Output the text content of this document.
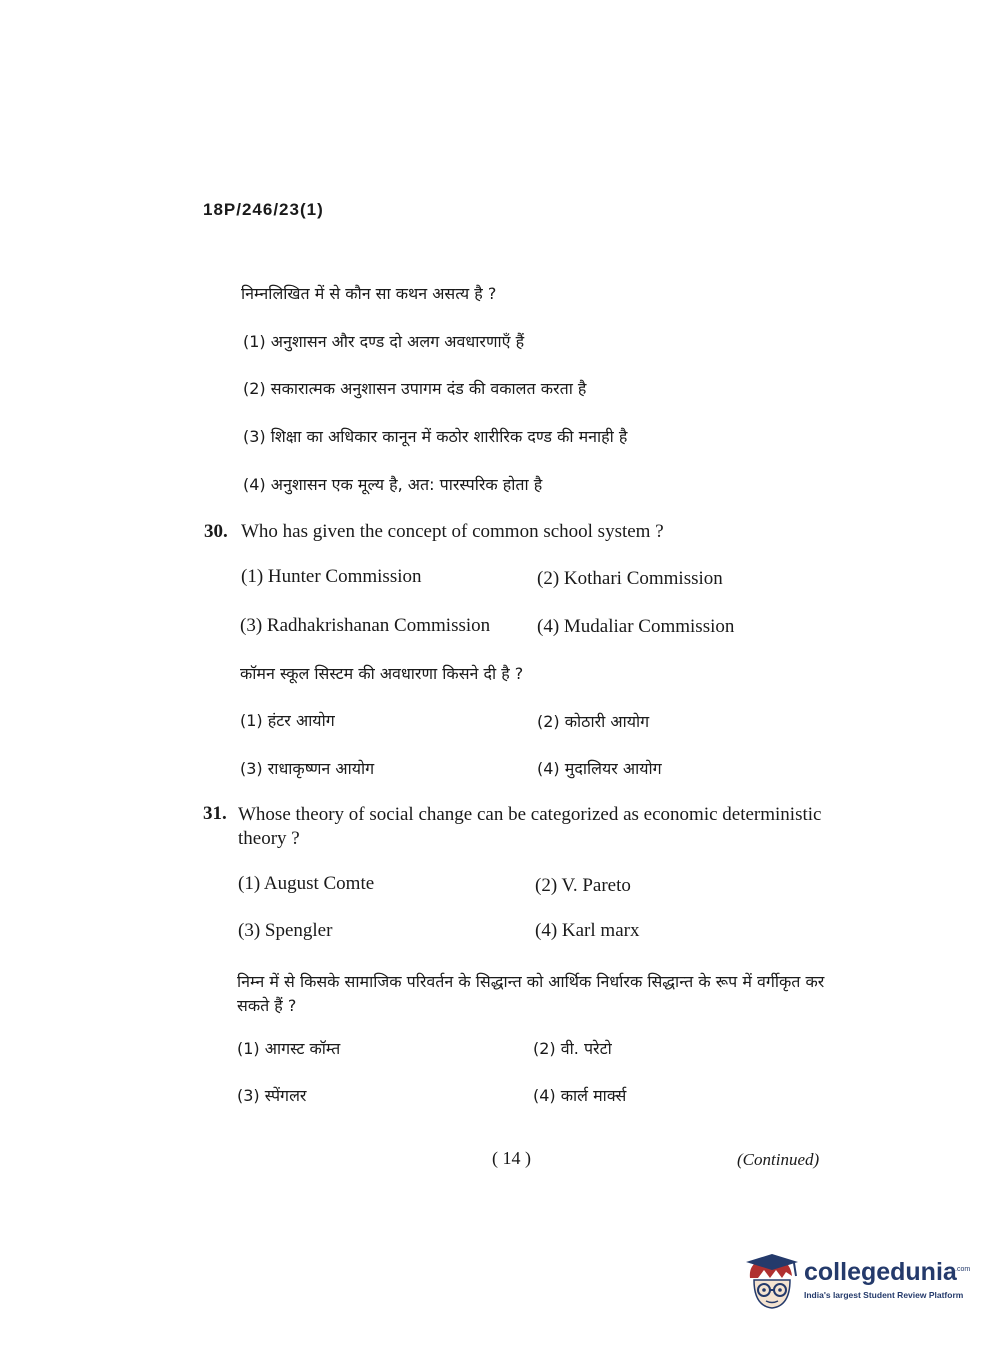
18P/246/23(1)
निम्नलिखित में से कौन सा कथन असत्य है ?
(1) अनुशासन और दण्ड दो अलग अवधारणाएँ हैं
(2) सकारात्मक अनुशासन उपागम दंड की वकालत करता है
(3) शिक्षा का अधिकार कानून में कठोर शारीरिक दण्ड की मनाही है
(4) अनुशासन एक मूल्य है, अत: पारस्परिक होता है
30. Who has given the concept of common school system ?
(1) Hunter Commission	(2) Kothari Commission
(3) Radhakrishanan Commission (4) Mudaliar Commission
कॉमन स्कूल सिस्टम की अवधारणा किसने दी है ?
(1) हंटर आयोग	(2) कोठारी आयोग
(3) राधाकृष्णन आयोग	(4) मुदालियर आयोग
31. Whose theory of social change can be categorized as economic deterministic theory ?
(1) August Comte	(2) V. Pareto
(3) Spengler	(4) Karl marx
निम्न में से किसके सामाजिक परिवर्तन के सिद्धान्त को आर्थिक निर्धारक सिद्धान्त के रूप में वर्गीकृत कर सकते हैं ?
(1) आगस्ट कॉम्त	(2) वी. परेटो
(3) स्पेंगलर	(4) कार्ल मार्क्स
( 14 )	(Continued)
collegedunia
.com
India's largest Student Review Platform
